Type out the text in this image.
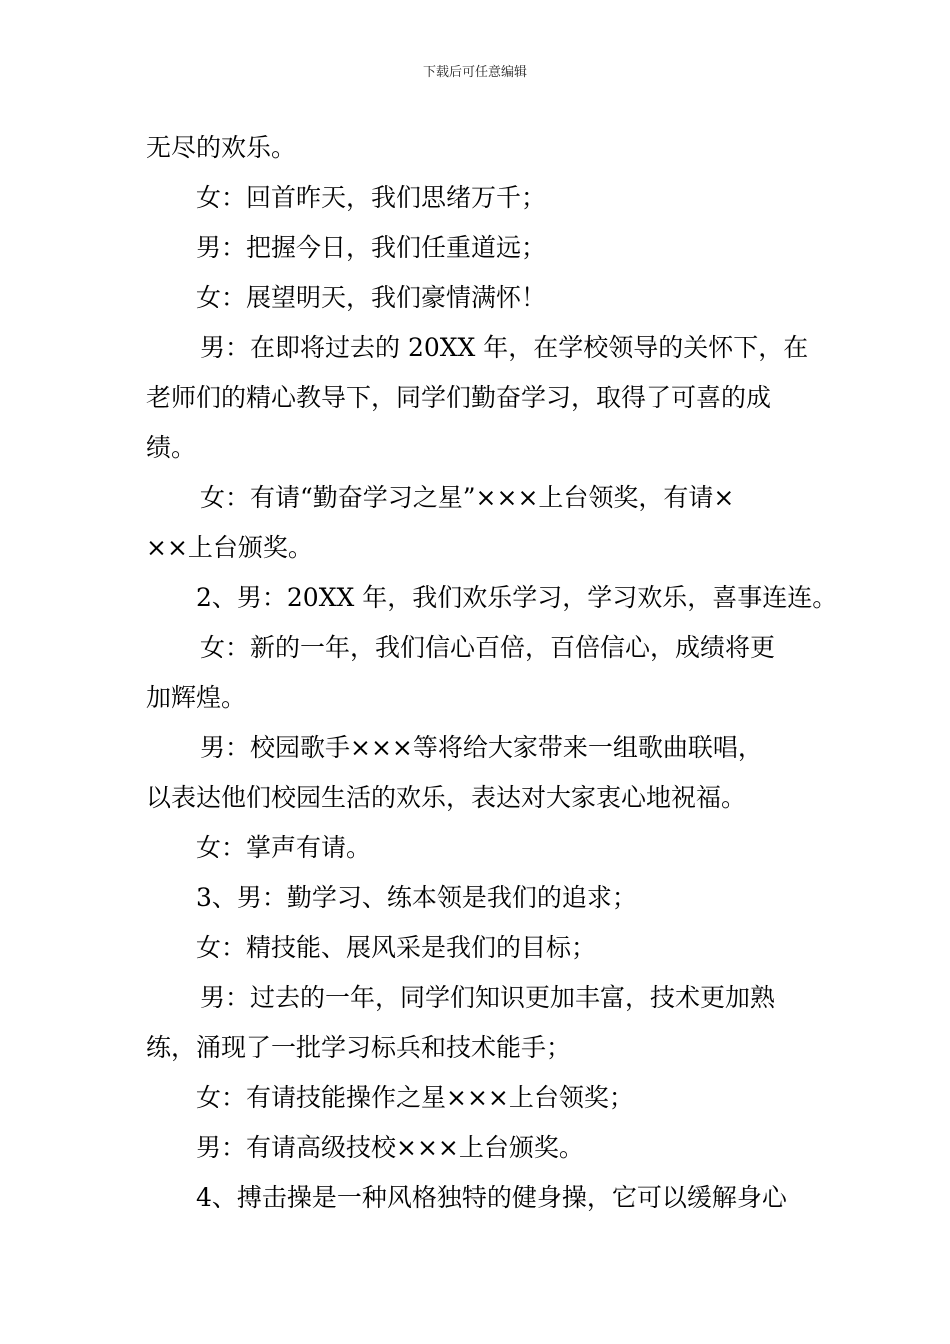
下载后可任意编辑
无尽的欢乐。
女：回首昨天，我们思绪万千；
男：把握今日，我们任重道远；
女：展望明天，我们豪情满怀！
男：在即将过去的 20XX 年，在学校领导的关怀下，在
老师们的精心教导下，同学们勤奋学习，取得了可喜的成
绩。
女：有请“勤奋学习之星”×××上台领奖，有请×
××上台颁奖。
2、男：20XX 年，我们欢乐学习，学习欢乐，喜事连连。
女：新的一年，我们信心百倍，百倍信心，成绩将更
加辉煌。
男：校园歌手×××等将给大家带来一组歌曲联唱，
以表达他们校园生活的欢乐，表达对大家衷心地祝福。
女：掌声有请。
3、男：勤学习、练本领是我们的追求；
女：精技能、展风采是我们的目标；
男：过去的一年，同学们知识更加丰富，技术更加熟
练，涌现了一批学习标兵和技术能手；
女：有请技能操作之星×××上台领奖；
男：有请高级技校×××上台颁奖。
4、搏击操是一种风格独特的健身操，它可以缓解身心
